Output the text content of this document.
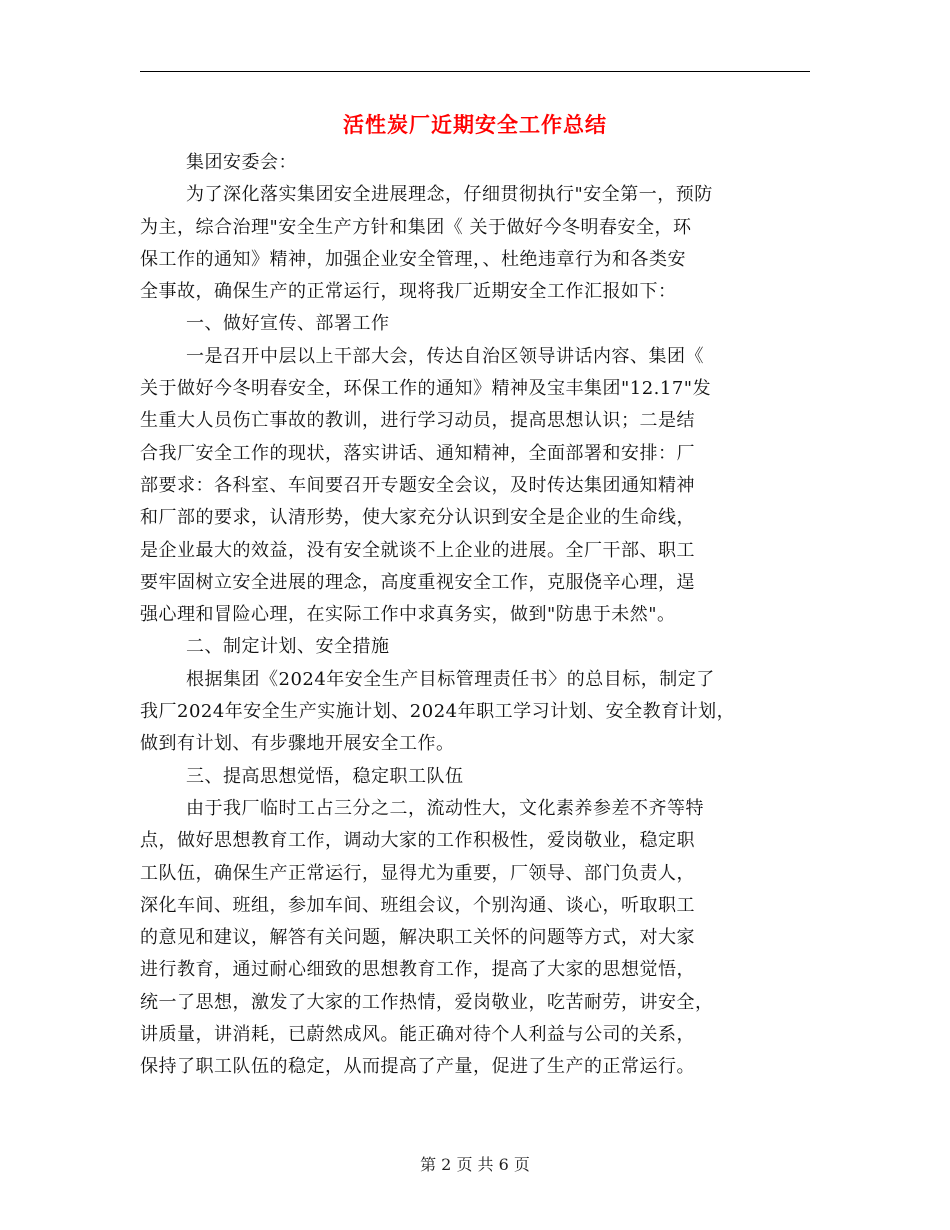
活性炭厂近期安全工作总结
集团安委会：
为了深化落实集团安全进展理念，仔细贯彻执行"安全第一，预防
为主，综合治理"安全生产方针和集团《 关于做好今冬明春安全，环
保工作的通知》精神，加强企业安全管理，、杜绝违章行为和各类安
全事故，确保生产的正常运行，现将我厂近期安全工作汇报如下：
一、做好宣传、部署工作
一是召开中层以上干部大会，传达自治区领导讲话内容、集团《
关于做好今冬明春安全，环保工作的通知》精神及宝丰集团"12.17"发
生重大人员伤亡事故的教训，进行学习动员，提高思想认识；二是结
合我厂安全工作的现状，落实讲话、通知精神，全面部署和安排：厂
部要求：各科室、车间要召开专题安全会议，及时传达集团通知精神
和厂部的要求，认清形势，使大家充分认识到安全是企业的生命线，
是企业最大的效益，没有安全就谈不上企业的进展。全厂干部、职工
要牢固树立安全进展的理念，高度重视安全工作，克服侥辛心理，逞
强心理和冒险心理，在实际工作中求真务实，做到"防患于未然"。
二、制定计划、安全措施
根据集团《2024年安全生产目标管理责任书〉的总目标，制定了
我厂2024年安全生产实施计划、2024年职工学习计划、安全教育计划，
做到有计划、有步骤地开展安全工作。
三、提高思想觉悟，稳定职工队伍
由于我厂临时工占三分之二，流动性大，文化素养参差不齐等特
点，做好思想教育工作，调动大家的工作积极性，爱岗敬业，稳定职
工队伍，确保生产正常运行，显得尤为重要，厂领导、部门负责人，
深化车间、班组，参加车间、班组会议，个别沟通、谈心，听取职工
的意见和建议，解答有关问题，解决职工关怀的问题等方式，对大家
进行教育，通过耐心细致的思想教育工作，提高了大家的思想觉悟，
统一了思想，激发了大家的工作热情，爱岗敬业，吃苦耐劳，讲安全，
讲质量，讲消耗，已蔚然成风。能正确对待个人利益与公司的关系，
保持了职工队伍的稳定，从而提高了产量，促进了生产的正常运行。
第 2 页 共 6 页
